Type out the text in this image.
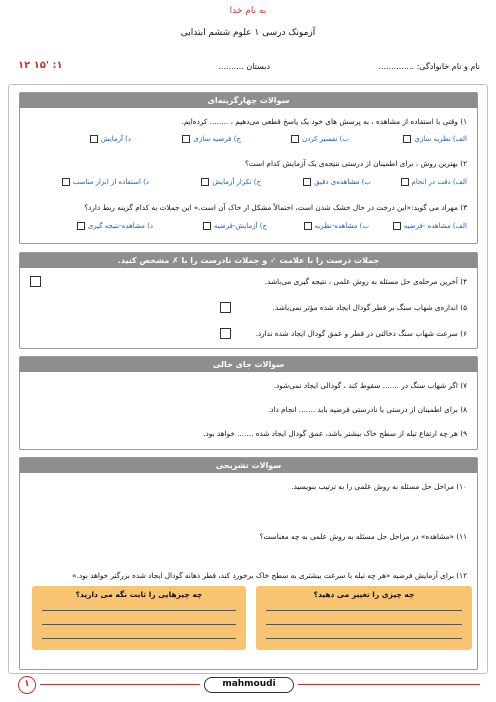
به نام خدا
آزمونک درسی ۱ علوم ششم ابتدایی
نام و نام خانوادگی: ..............
دبستان ..........
۱۲ ۱۵' :۱
سوالات چهارگزینه‌ای
۱) وقتی با استفاده از مشاهده ، به پرسش های خود یک پاسخ قطعی می‌دهیم ، ........ کرده‌ایم.
الف) نظریه سازی
ب) تفسیر کردن
ج) فرضیه سازی
د) آزمایش
۲) بهترین روش ، برای اطمینان از درستی نتیجه‌ی یک آزمایش کدام است؟
الف) دقت در انجام
ب) مشاهده‌ی دقیق
ج) تکرار آزمایش
د) استفاده از ابزار مناسب
۳) مهراد می گوید:«این درخت در حال خشک شدن است، احتمالاً مشکل از خاک آن است.» این جملات به کدام گزینه ربط دارد؟
الف) مشاهده -فرضیه
ب) مشاهده-نظریه
ج) آزمایش-فرضیه
د) مشاهده-نتیجه گیری
جملات درست را با علامت ✓ و جملات نادرست را با ✗ مشخص کنید.
۴) آخرین مرحله‌ی حل مسئله به روش علمی ، نتیجه گیری می‌باشد.
۵) اندازه‌ی شهاب سنگ بر قطر گودال ایجاد شده مؤثر نمی‌باشد.
۶) سرعت شهاب سنگ دخالتی در قطر و عمق گودال ایجاد شده ندارد.
سوالات جای خالی
۷) اگر شهاب سنگ در ....... سقوط کند ، گودالی ایجاد نمی‌شود.
۸) برای اطمینان از درستی یا نادرستی فرضیه باید ....... انجام داد.
۹) هر چه ارتفاع تیله از سطح خاک بیشتر باشد، عمق گودال ایجاد شده ....... خواهد بود.
سوالات تشریحی
۱۰) مراحل حل مسئله به روش علمی را به ترتیب بنویسید.
۱۱) «مشاهده» در مراحل حل مسئله به روش علمی به چه معناست؟
۱۲) برای آزمایش فرضیه «هر چه تیله با سرعت بیشتری به سطح خاک برخورد کند، قطر دهانه گودال ایجاد شده بزرگتر خواهد بود.»
چه چیزی را تغییر می دهید؟
چه چیزهایی را ثابت نگه می دارید؟
۱	mahmoudi
